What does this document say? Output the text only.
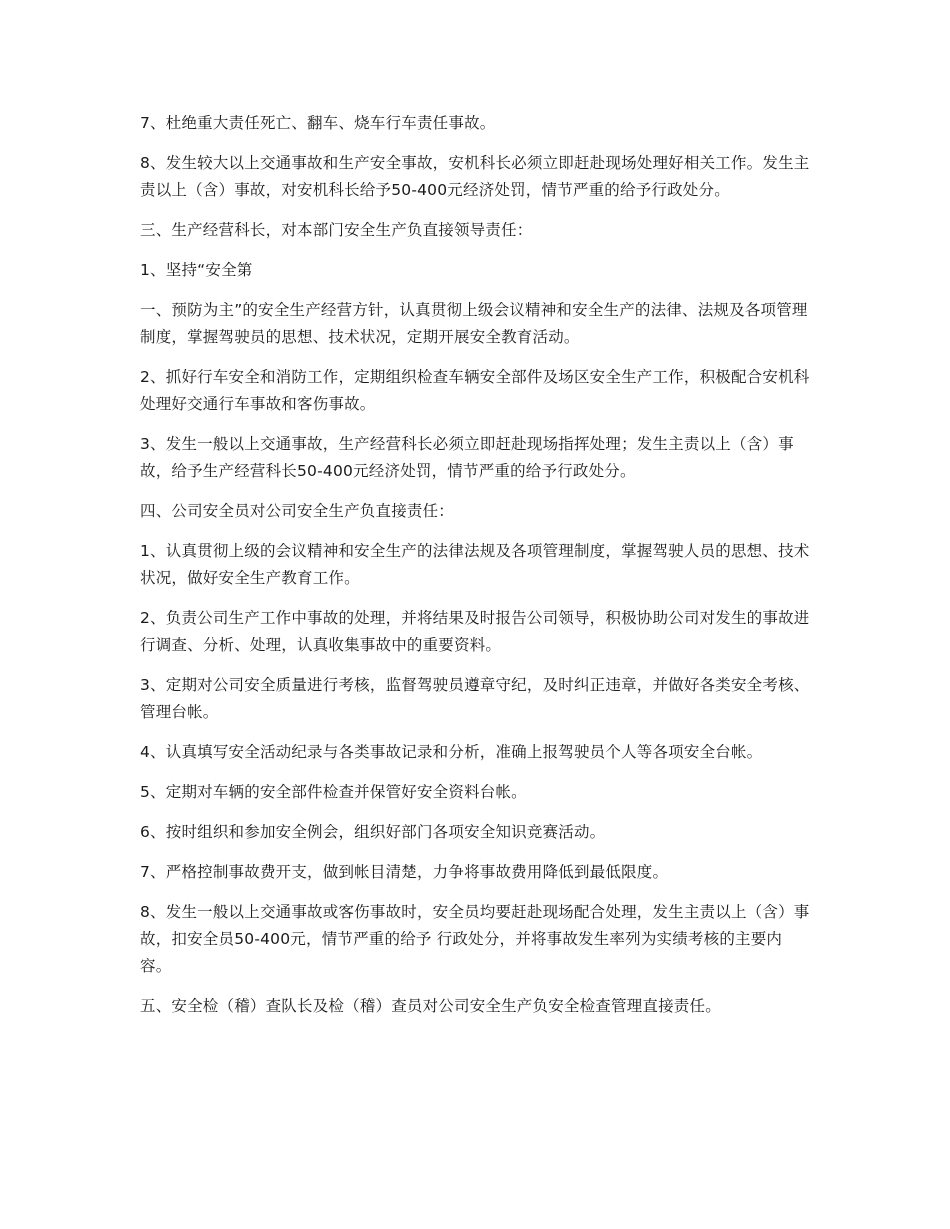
7、杜绝重大责任死亡、翻车、烧车行车责任事故。

8、发生较大以上交通事故和生产安全事故，安机科长必须立即赶赴现场处理好相关工作。发生主责以上（含）事故，对安机科长给予50-400元经济处罚，情节严重的给予行政处分。

三、生产经营科长，对本部门安全生产负直接领导责任：

1、坚持“安全第

一、预防为主”的安全生产经营方针，认真贯彻上级会议精神和安全生产的法律、法规及各项管理制度，掌握驾驶员的思想、技术状况，定期开展安全教育活动。

2、抓好行车安全和消防工作，定期组织检查车辆安全部件及场区安全生产工作，积极配合安机科处理好交通行车事故和客伤事故。

3、发生一般以上交通事故，生产经营科长必须立即赶赴现场指挥处理；发生主责以上（含）事故，给予生产经营科长50-400元经济处罚，情节严重的给予行政处分。

四、公司安全员对公司安全生产负直接责任：

1、认真贯彻上级的会议精神和安全生产的法律法规及各项管理制度，掌握驾驶人员的思想、技术状况，做好安全生产教育工作。

2、负责公司生产工作中事故的处理，并将结果及时报告公司领导，积极协助公司对发生的事故进行调查、分析、处理，认真收集事故中的重要资料。

3、定期对公司安全质量进行考核，监督驾驶员遵章守纪，及时纠正违章，并做好各类安全考核、管理台帐。

4、认真填写安全活动纪录与各类事故记录和分析，准确上报驾驶员个人等各项安全台帐。

5、定期对车辆的安全部件检查并保管好安全资料台帐。

6、按时组织和参加安全例会，组织好部门各项安全知识竞赛活动。

7、严格控制事故费开支，做到帐目清楚，力争将事故费用降低到最低限度。

8、发生一般以上交通事故或客伤事故时，安全员均要赶赴现场配合处理，发生主责以上（含）事故，扣安全员50-400元，情节严重的给予 行政处分，并将事故发生率列为实绩考核的主要内容。

五、安全检（稽）查队长及检（稽）查员对公司安全生产负安全检查管理直接责任。
